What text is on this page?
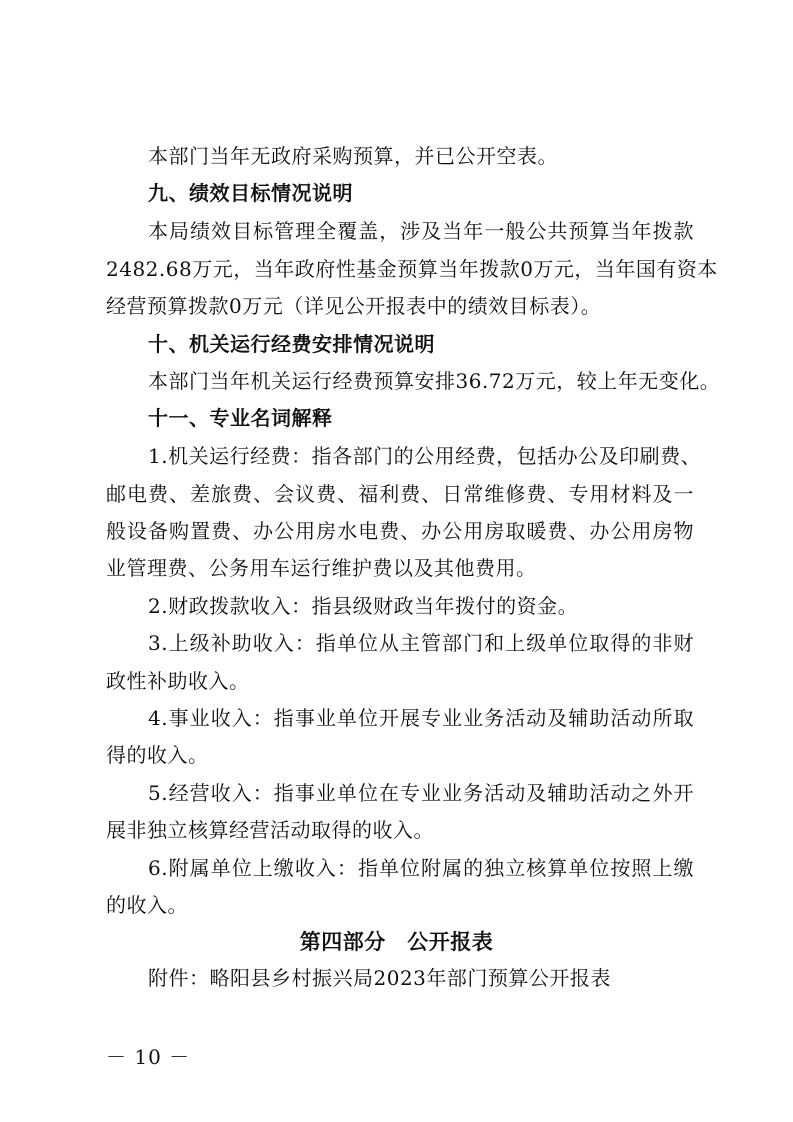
本部门当年无政府采购预算，并已公开空表。
九、绩效目标情况说明
本局绩效目标管理全覆盖，涉及当年一般公共预算当年拨款
2482.68万元，当年政府性基金预算当年拨款0万元，当年国有资本
经营预算拨款0万元（详见公开报表中的绩效目标表）。
十、机关运行经费安排情况说明
本部门当年机关运行经费预算安排36.72万元，较上年无变化。
十一、专业名词解释
1.机关运行经费：指各部门的公用经费，包括办公及印刷费、
邮电费、差旅费、会议费、福利费、日常维修费、专用材料及一
般设备购置费、办公用房水电费、办公用房取暖费、办公用房物
业管理费、公务用车运行维护费以及其他费用。
2.财政拨款收入：指县级财政当年拨付的资金。
3.上级补助收入：指单位从主管部门和上级单位取得的非财
政性补助收入。
4.事业收入：指事业单位开展专业业务活动及辅助活动所取
得的收入。
5.经营收入：指事业单位在专业业务活动及辅助活动之外开
展非独立核算经营活动取得的收入。
6.附属单位上缴收入：指单位附属的独立核算单位按照上缴
的收入。
第四部分　公开报表
附件：略阳县乡村振兴局2023年部门预算公开报表
－ 10 －
